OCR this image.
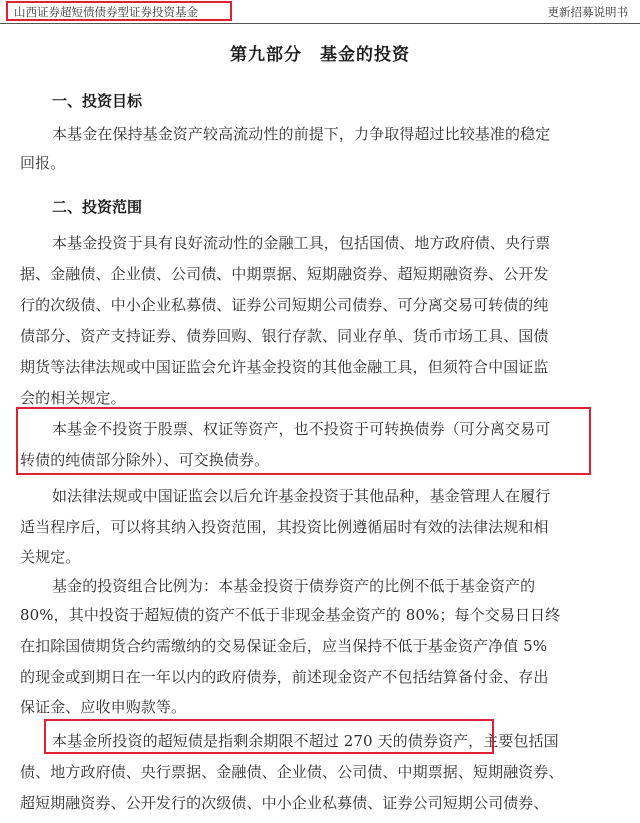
山西证券超短债债券型证券投资基金	更新招募说明书
第九部分　基金的投资
一、投资目标
本基金在保持基金资产较高流动性的前提下，力争取得超过比较基准的稳定
回报。
二、投资范围
本基金投资于具有良好流动性的金融工具，包括国债、地方政府债、央行票
据、金融债、企业债、公司债、中期票据、短期融资券、超短期融资券、公开发
行的次级债、中小企业私募债、证券公司短期公司债券、可分离交易可转债的纯
债部分、资产支持证券、债券回购、银行存款、同业存单、货币市场工具、国债
期货等法律法规或中国证监会允许基金投资的其他金融工具，但须符合中国证监
会的相关规定。
本基金不投资于股票、权证等资产，也不投资于可转换债券（可分离交易可
转债的纯债部分除外）、可交换债券。
如法律法规或中国证监会以后允许基金投资于其他品种，基金管理人在履行
适当程序后，可以将其纳入投资范围，其投资比例遵循届时有效的法律法规和相
关规定。
基金的投资组合比例为：本基金投资于债券资产的比例不低于基金资产的
80%，其中投资于超短债的资产不低于非现金基金资产的 80%；每个交易日日终
在扣除国债期货合约需缴纳的交易保证金后，应当保持不低于基金资产净值 5%
的现金或到期日在一年以内的政府债券，前述现金资产不包括结算备付金、存出
保证金、应收申购款等。
本基金所投资的超短债是指剩余期限不超过 270 天的债券资产，主要包括国
债、地方政府债、央行票据、金融债、企业债、公司债、中期票据、短期融资券、
超短期融资券、公开发行的次级债、中小企业私募债、证券公司短期公司债券、
